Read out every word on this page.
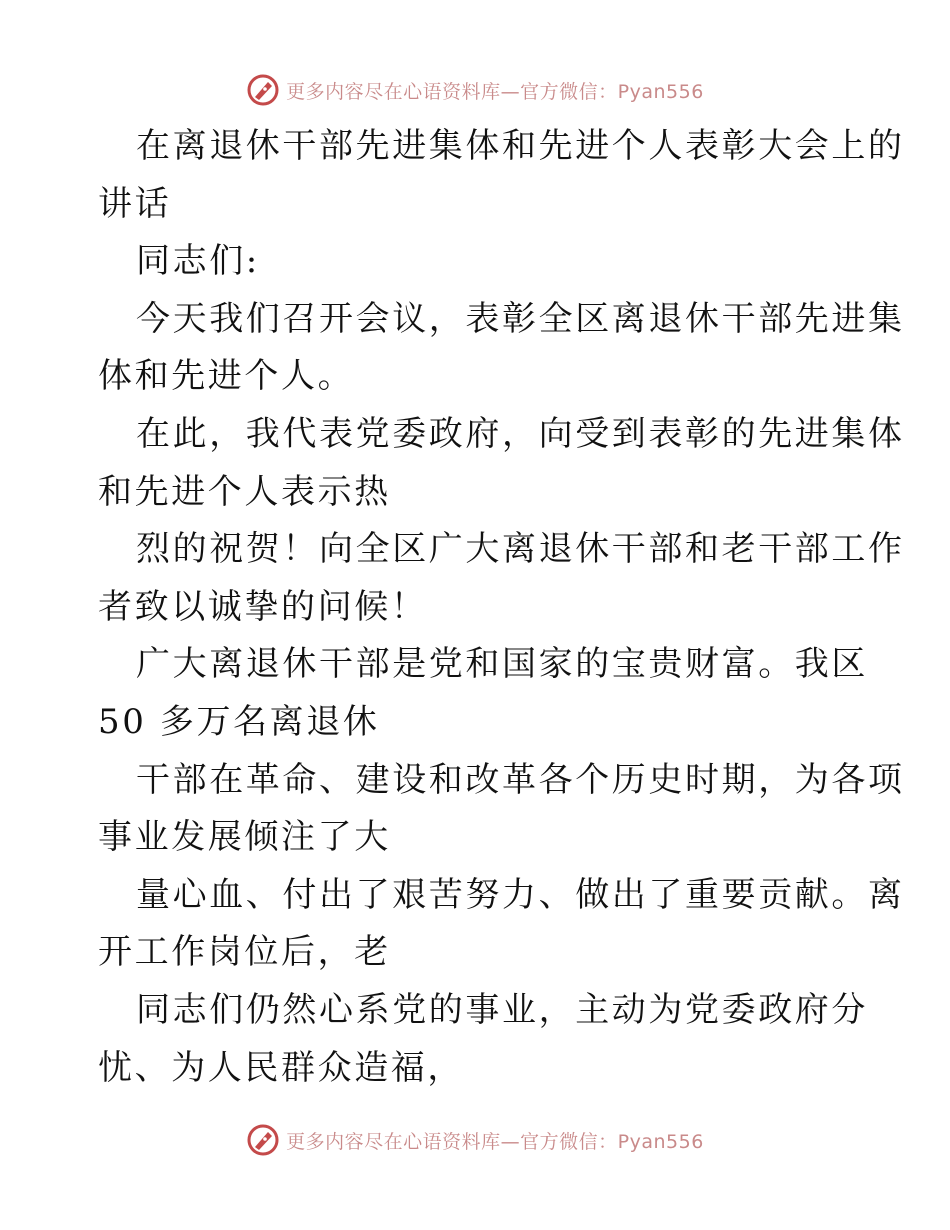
更多内容尽在心语资料库—官方微信：Pyan556
在离退休干部先进集体和先进个人表彰大会上的
讲话
同志们:
今天我们召开会议，表彰全区离退休干部先进集
体和先进个人。
在此，我代表党委政府，向受到表彰的先进集体
和先进个人表示热
烈的祝贺！向全区广大离退休干部和老干部工作
者致以诚挚的问候！
广大离退休干部是党和国家的宝贵财富。我区
50 多万名离退休
干部在革命、建设和改革各个历史时期，为各项
事业发展倾注了大
量心血、付出了艰苦努力、做出了重要贡献。离
开工作岗位后，老
同志们仍然心系党的事业，主动为党委政府分
忧、为人民群众造福，
更多内容尽在心语资料库—官方微信：Pyan556
